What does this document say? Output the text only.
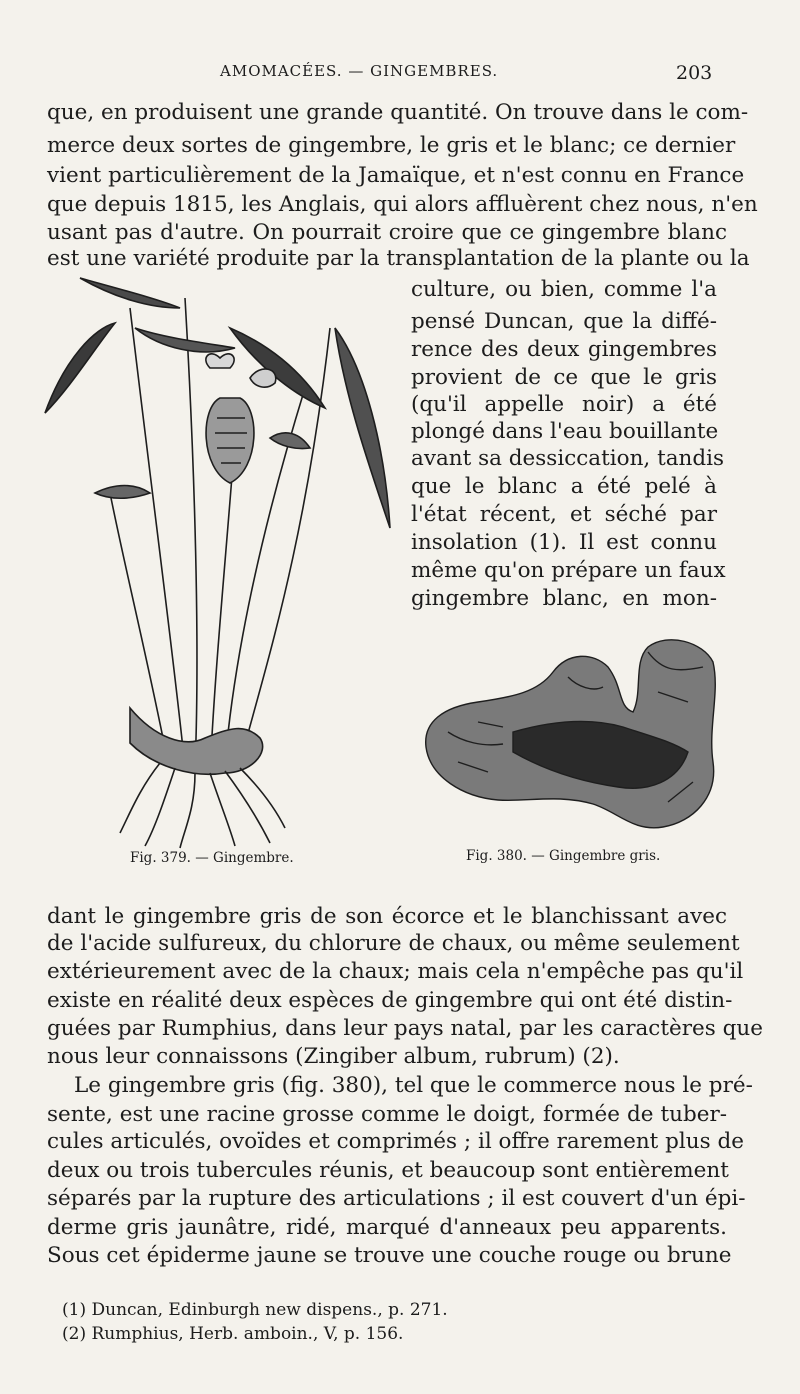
AMOMACÉES. — GINGEMBRES.	203
que, en produisent une grande quantité. On trouve dans le com-
merce deux sortes de gingembre, le gris et le blanc; ce dernier
vient particulièrement de la Jamaïque, et n'est connu en France
que depuis 1815, les Anglais, qui alors affluèrent chez nous, n'en
usant pas d'autre. On pourrait croire que ce gingembre blanc
est une variété produite par la transplantation de la plante ou la
culture, ou bien, comme l'a
pensé Duncan, que la diffé-
rence des deux gingembres
provient de ce que le gris
(qu'il appelle noir) a été
plongé dans l'eau bouillante
avant sa dessiccation, tandis
que le blanc a été pelé à
l'état récent, et séché par
insolation (1). Il est connu
même qu'on prépare un faux
gingembre blanc, en mon-
Fig. 379. — Gingembre.	Fig. 380. — Gingembre gris.
dant le gingembre gris de son écorce et le blanchissant avec
de l'acide sulfureux, du chlorure de chaux, ou même seulement
extérieurement avec de la chaux; mais cela n'empêche pas qu'il
existe en réalité deux espèces de gingembre qui ont été distin-
guées par Rumphius, dans leur pays natal, par les caractères que
nous leur connaissons (Zingiber album, rubrum) (2).
Le gingembre gris (fig. 380), tel que le commerce nous le pré-
sente, est une racine grosse comme le doigt, formée de tuber-
cules articulés, ovoïdes et comprimés ; il offre rarement plus de
deux ou trois tubercules réunis, et beaucoup sont entièrement
séparés par la rupture des articulations ; il est couvert d'un épi-
derme gris jaunâtre, ridé, marqué d'anneaux peu apparents.
Sous cet épiderme jaune se trouve une couche rouge ou brune
(1) Duncan, Edinburgh new dispens., p. 271.
(2) Rumphius, Herb. amboin., V, p. 156.
